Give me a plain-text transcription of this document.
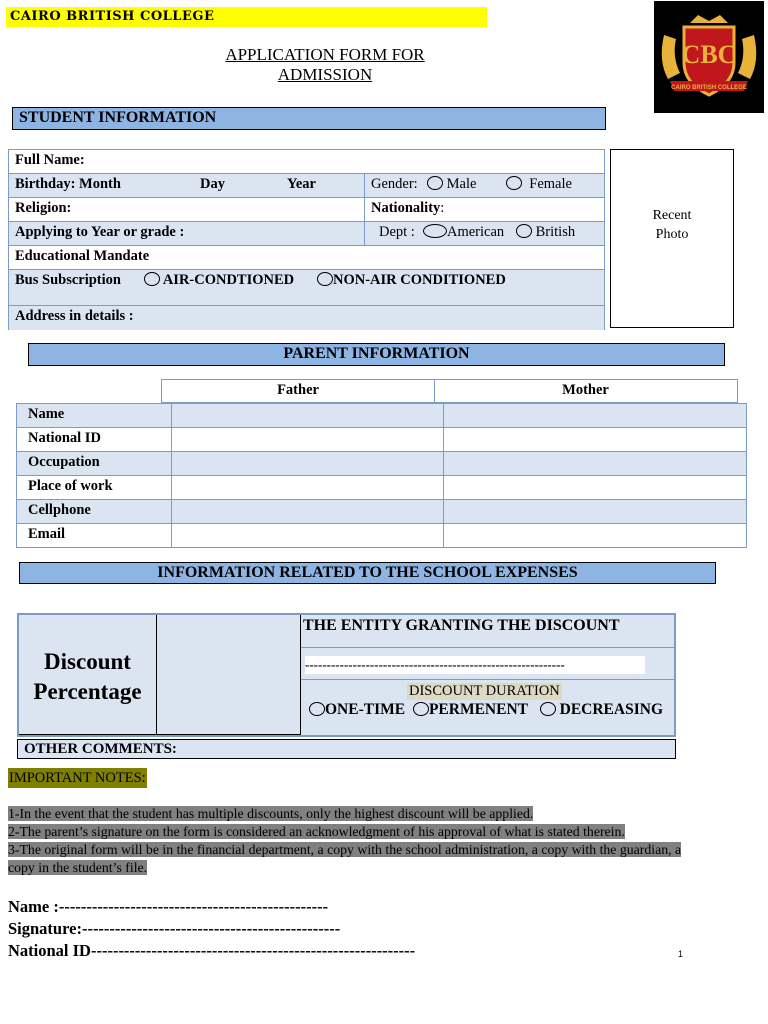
CAIRO BRITISH COLLEGE
APPLICATION FORM FOR
ADMISSION
CBC
CAIRO BRITISH COLLEGE
STUDENT INFORMATION
Full Name:
Birthday: Month	Day	Year	Gender:	Male	Female
Religion:	Nationality:
Applying to Year or grade :	Dept :	American	British
Educational Mandate
Bus Subscription	AIR-CONDTIONED	NON-AIR CONDITIONED
Address in details :
Recent
Photo
PARENT INFORMATION
Father	Mother
Name
National ID
Occupation
Place of work
Cellphone
Email
INFORMATION RELATED TO THE SCHOOL EXPENSES
Discount
Percentage
THE ENTITY GRANTING THE DISCOUNT
------------------------------------------------------------
DISCOUNT DURATION
ONE-TIME PERMENENT DECREASING
OTHER COMMENTS:
IMPORTANT NOTES:
1-In the event that the student has multiple discounts, only the highest discount will be applied.
2-The parent’s signature on the form is considered an acknowledgment of his approval of what is stated therein.
3-The original form will be in the financial department, a copy with the school administration, a copy with the guardian, a
copy in the student’s file.
Name :-------------------------------------------------
Signature:-----------------------------------------------
National ID-----------------------------------------------------------	1
